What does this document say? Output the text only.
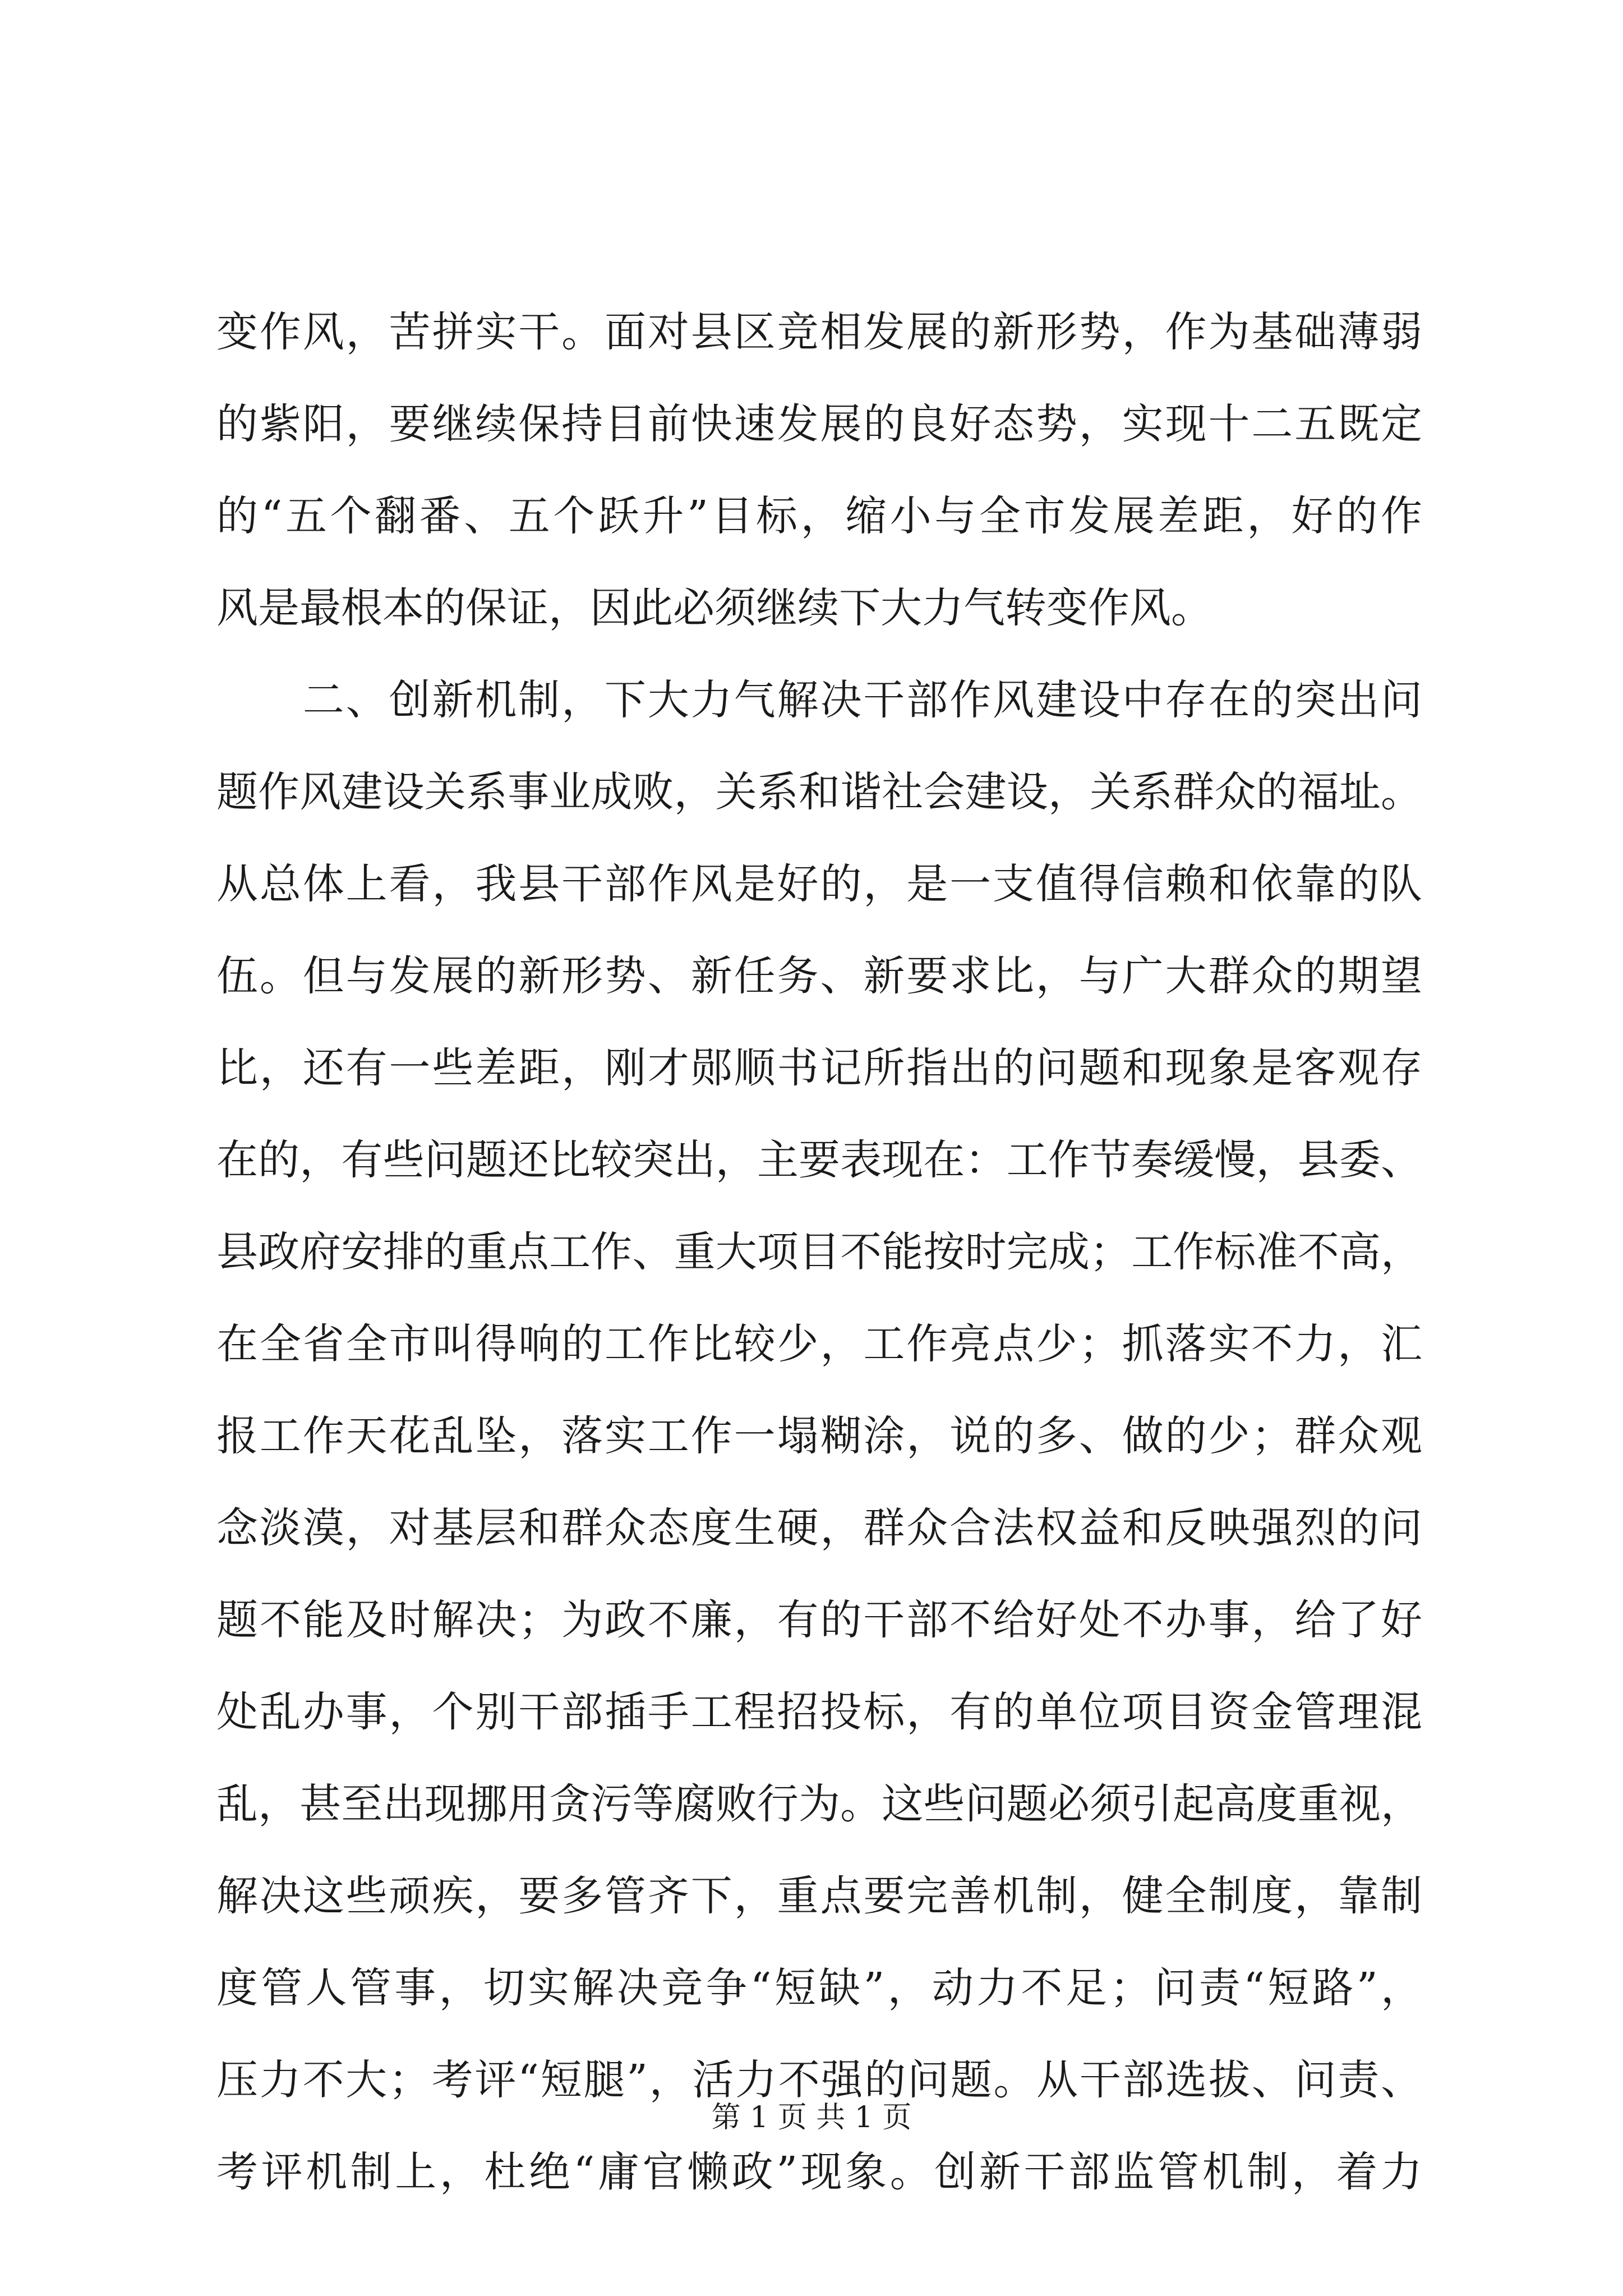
变作风，苦拼实干。面对县区竞相发展的新形势，作为基础薄弱
的紫阳，要继续保持目前快速发展的良好态势，实现十二五既定
的“五个翻番、五个跃升”目标，缩小与全市发展差距，好的作
风是最根本的保证，因此必须继续下大力气转变作风。
　　二、创新机制，下大力气解决干部作风建设中存在的突出问
题作风建设关系事业成败，关系和谐社会建设，关系群众的福址。
从总体上看，我县干部作风是好的，是一支值得信赖和依靠的队
伍。但与发展的新形势、新任务、新要求比，与广大群众的期望
比，还有一些差距，刚才郧顺书记所指出的问题和现象是客观存
在的，有些问题还比较突出，主要表现在：工作节奏缓慢，县委、
县政府安排的重点工作、重大项目不能按时完成；工作标准不高，
在全省全市叫得响的工作比较少，工作亮点少；抓落实不力，汇
报工作天花乱坠，落实工作一塌糊涂，说的多、做的少；群众观
念淡漠，对基层和群众态度生硬，群众合法权益和反映强烈的问
题不能及时解决；为政不廉，有的干部不给好处不办事，给了好
处乱办事，个别干部插手工程招投标，有的单位项目资金管理混
乱，甚至出现挪用贪污等腐败行为。这些问题必须引起高度重视，
解决这些顽疾，要多管齐下，重点要完善机制，健全制度，靠制
度管人管事，切实解决竞争“短缺”，动力不足；问责“短路”，
压力不大；考评“短腿”，活力不强的问题。从干部选拔、问责、
考评机制上，杜绝“庸官懒政”现象。创新干部监管机制，着力
第 1 页 共 1 页
